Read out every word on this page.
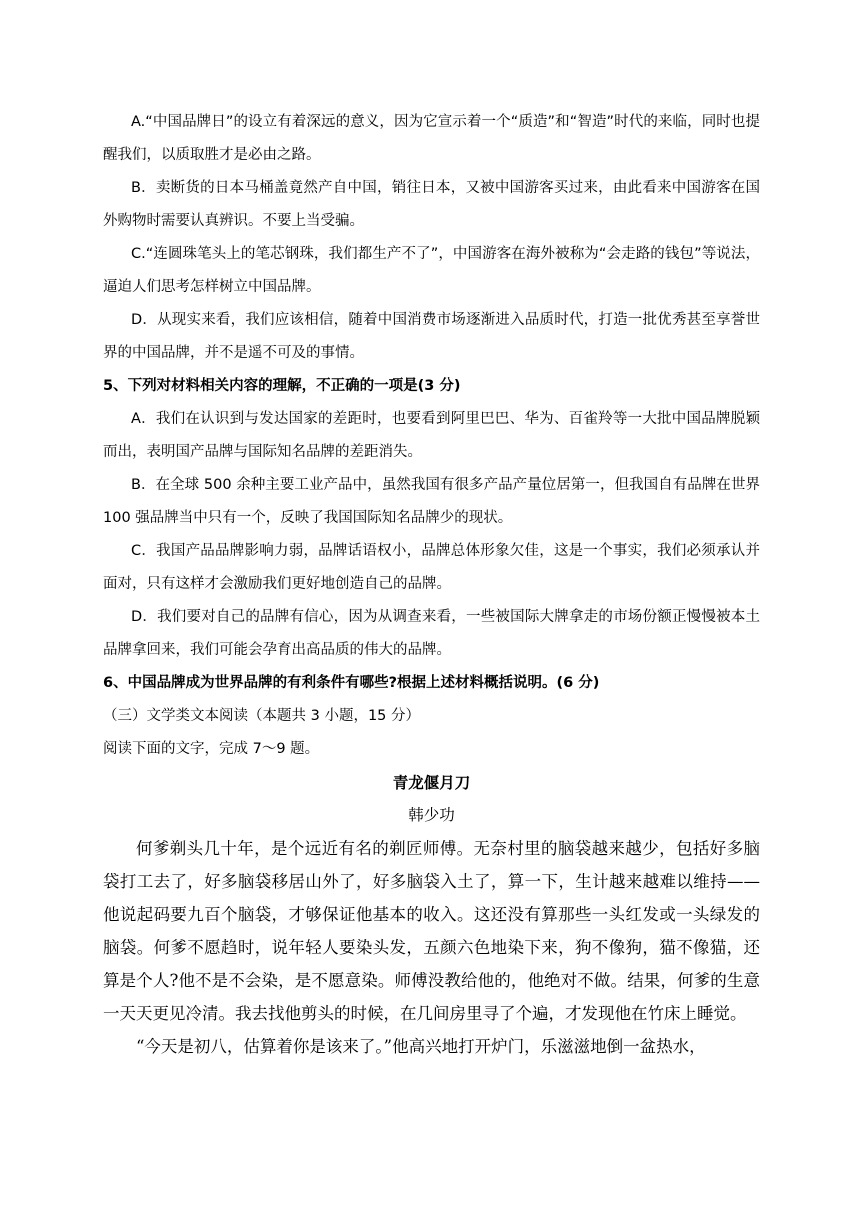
A.“中国品牌日”的设立有着深远的意义，因为它宣示着一个“质造”和“智造”时代的来临，同时也提醒我们，以质取胜才是必由之路。

B．卖断货的日本马桶盖竟然产自中国，销往日本，又被中国游客买过来，由此看来中国游客在国外购物时需要认真辨识。不要上当受骗。

C.“连圆珠笔头上的笔芯钢珠，我们都生产不了”，中国游客在海外被称为“会走路的钱包”等说法，逼迫人们思考怎样树立中国品牌。

D．从现实来看，我们应该相信，随着中国消费市场逐渐进入品质时代，打造一批优秀甚至享誉世界的中国品牌，并不是遥不可及的事情。

5、下列对材料相关内容的理解，不正确的一项是(3 分)

A．我们在认识到与发达国家的差距时，也要看到阿里巴巴、华为、百雀羚等一大批中国品牌脱颖而出，表明国产品牌与国际知名品牌的差距消失。

B．在全球 500 余种主要工业产品中，虽然我国有很多产品产量位居第一，但我国自有品牌在世界 100 强品牌当中只有一个，反映了我国国际知名品牌少的现状。

C．我国产品品牌影响力弱，品牌话语权小，品牌总体形象欠佳，这是一个事实，我们必须承认并面对，只有这样才会激励我们更好地创造自己的品牌。

D．我们要对自己的品牌有信心，因为从调查来看，一些被国际大牌拿走的市场份额正慢慢被本土品牌拿回来，我们可能会孕育出高品质的伟大的品牌。

6、中国品牌成为世界品牌的有利条件有哪些?根据上述材料概括说明。(6 分)

（三）文学类文本阅读（本题共 3 小题，15 分）

阅读下面的文字，完成 7～9 题。

青龙偃月刀

韩少功

何爹剃头几十年，是个远近有名的剃匠师傅。无奈村里的脑袋越来越少，包括好多脑袋打工去了，好多脑袋移居山外了，好多脑袋入土了，算一下，生计越来越难以维持——他说起码要九百个脑袋，才够保证他基本的收入。这还没有算那些一头红发或一头绿发的脑袋。何爹不愿趋时，说年轻人要染头发，五颜六色地染下来，狗不像狗，猫不像猫，还算是个人?他不是不会染，是不愿意染。师傅没教给他的，他绝对不做。结果，何爹的生意一天天更见冷清。我去找他剪头的时候，在几间房里寻了个遍，才发现他在竹床上睡觉。

“今天是初八，估算着你是该来了。”他高兴地打开炉门，乐滋滋地倒一盆热水，
